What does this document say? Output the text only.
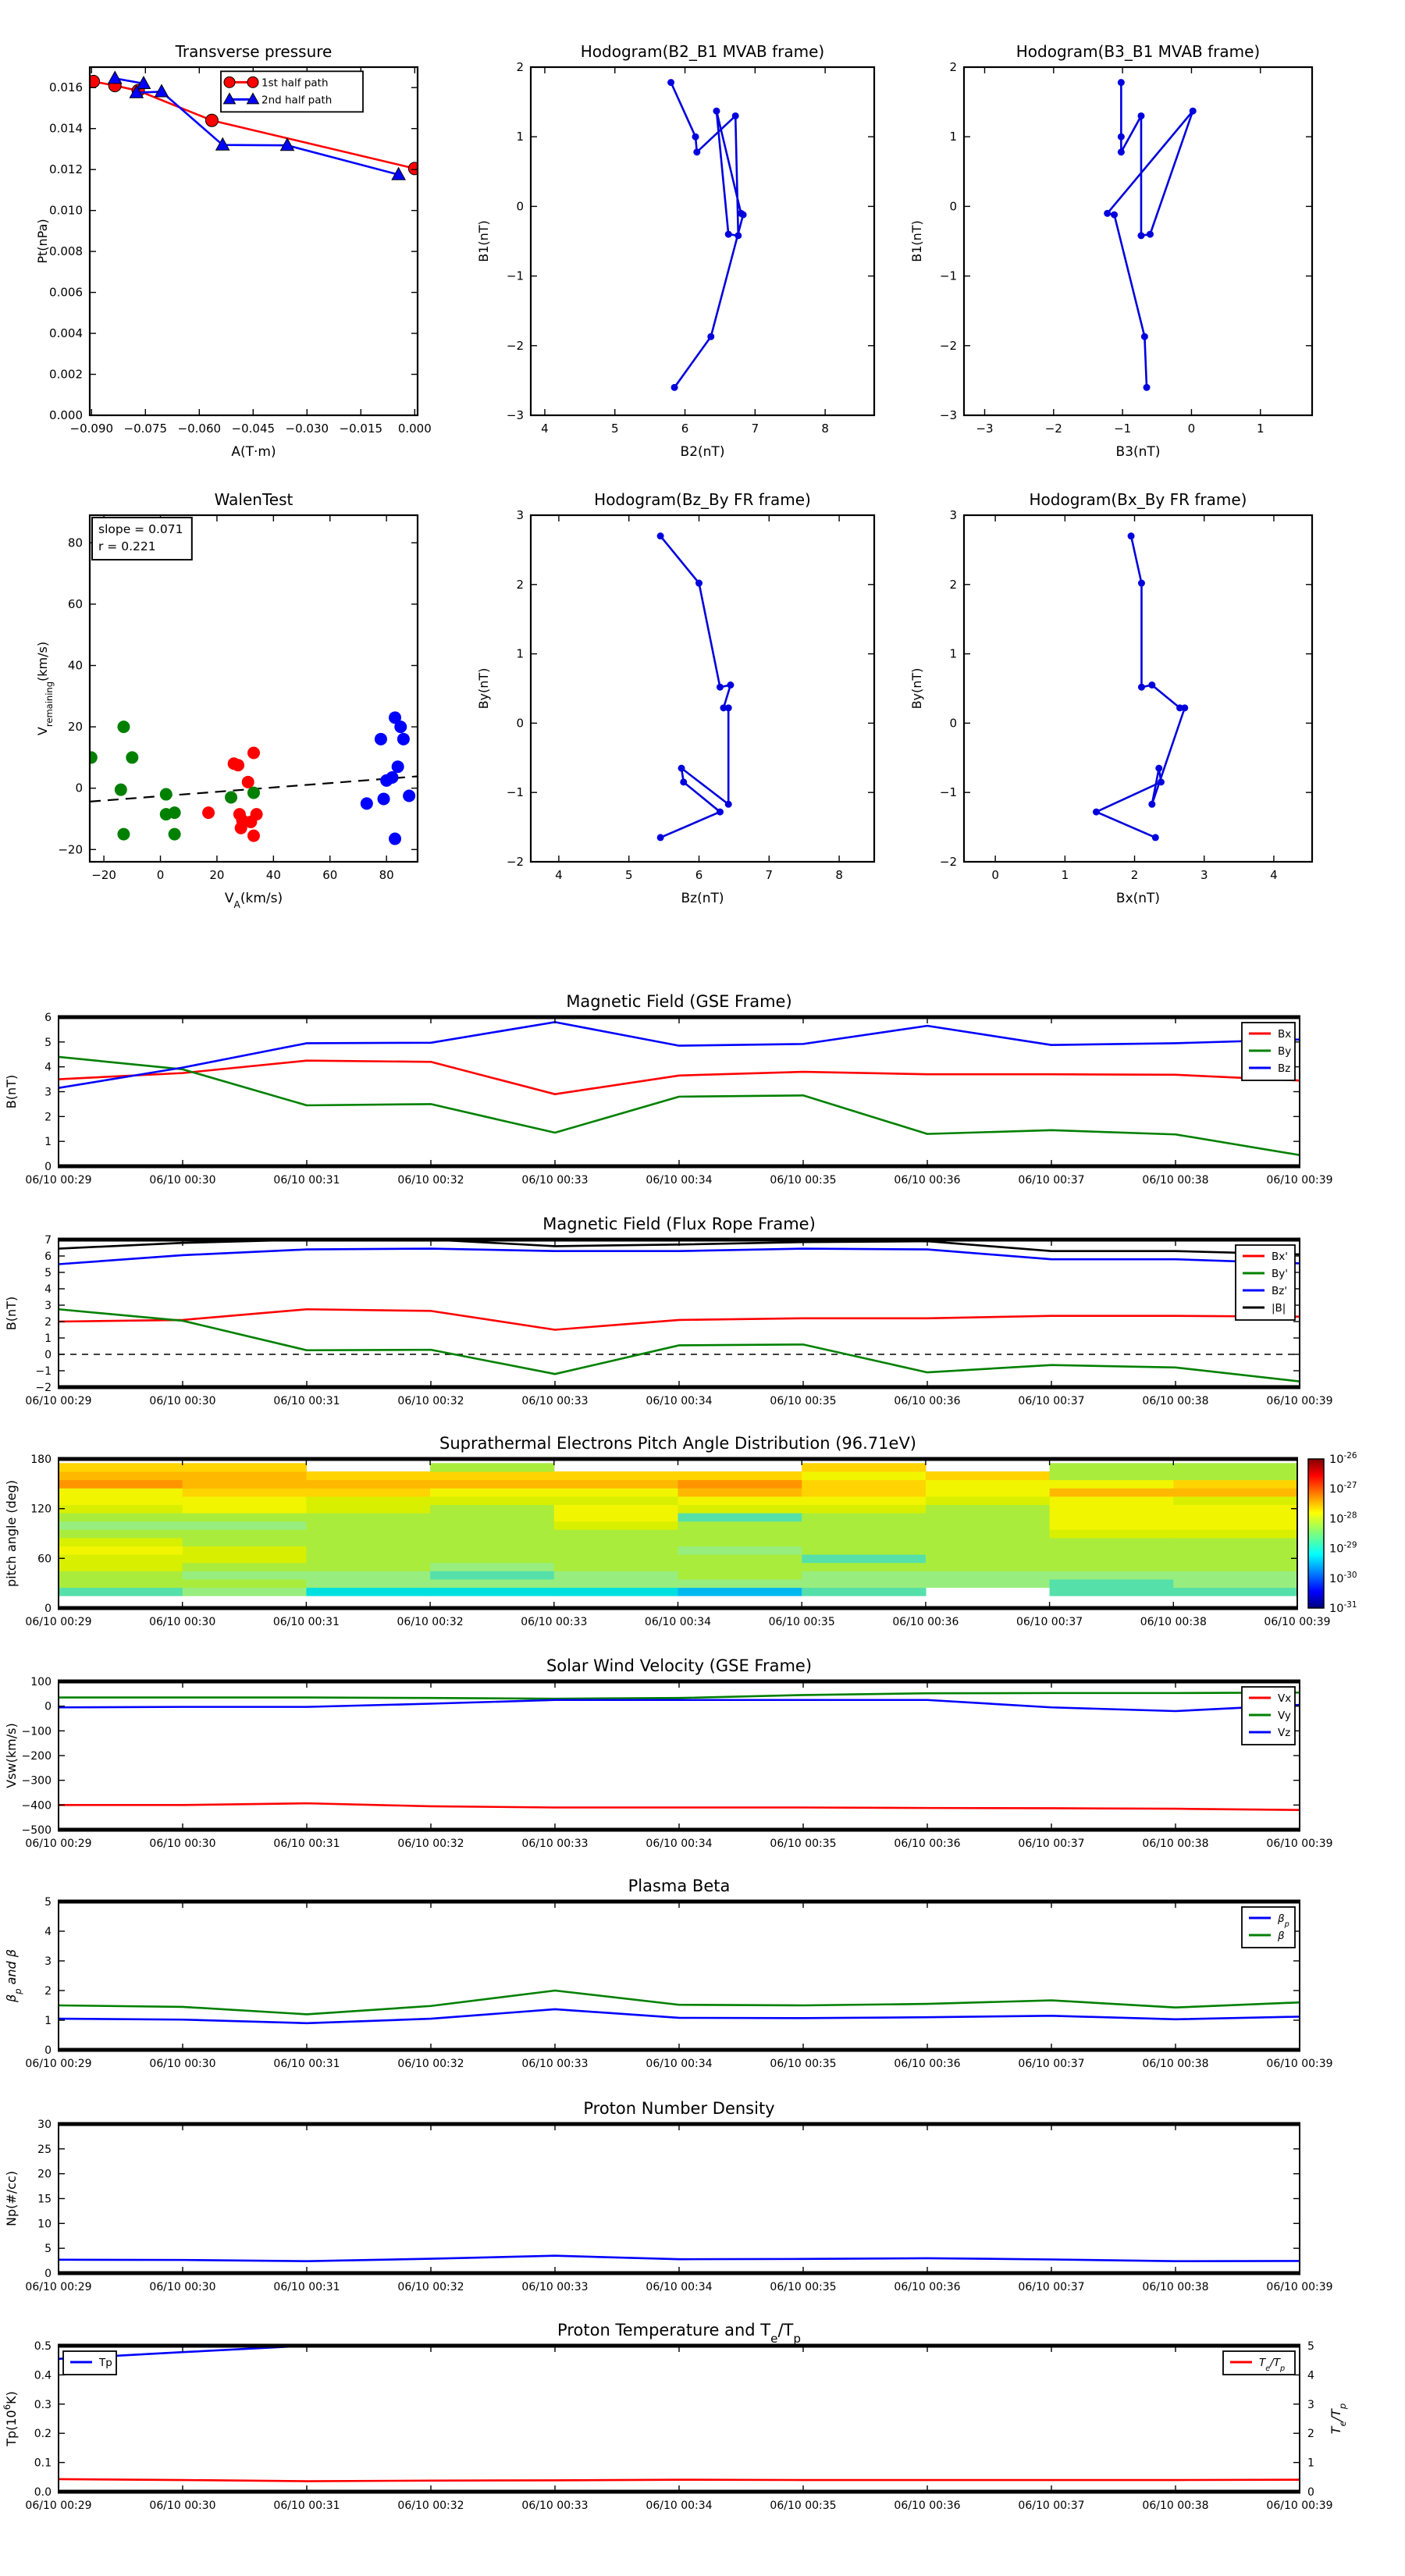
−0.090 −0.075 −0.060 −0.045 −0.030 −0.015 0.000
0.000
0.002
0.004
0.006
0.008
0.010
0.012
0.014
0.016
Transverse pressure
A(T·m)
Pt(nPa)
1st half path
2nd half path
4	5	6	7	8
−3
−2
−1
0
1
2
Hodogram(B2_B1 MVAB frame)
B2(nT)
B1(nT)
−3	−2	−1	0	1
−3
−2
−1
0
1
2
Hodogram(B3_B1 MVAB frame)
B3(nT)
B1(nT)
−20	0	20	40	60	80
−20
0
20
40
60
80
WalenTest
$V_A(km/s)$
$V_{remaining}(km/s)$
slope = 0.071
r = 0.221
4	5	6	7	8
−2
−1
0
1
2
3
Hodogram(Bz_By FR frame)
Bz(nT)
By(nT)
0	1	2	3	4
−2
−1
0
1
2
3
Hodogram(Bx_By FR frame)
Bx(nT)
By(nT)
06/10 00:29	06/10 00:30	06/10 00:31	06/10 00:32	06/10 00:33	06/10 00:34	06/10 00:35	06/10 00:36	06/10 00:37	06/10 00:38	06/10 00:39
0
1
2
3
4
5
6
Magnetic Field (GSE Frame)
B(nT)
Bx
By
Bz
06/10 00:29	06/10 00:30	06/10 00:31	06/10 00:32	06/10 00:33	06/10 00:34	06/10 00:35	06/10 00:36	06/10 00:37	06/10 00:38	06/10 00:39
−2
−1
0
1
2
3
4
5
6
7
Magnetic Field (Flux Rope Frame)
B(nT)
Bx'
By'
Bz'
|B|
06/10 00:29	06/10 00:30	06/10 00:31	06/10 00:32	06/10 00:33	06/10 00:34	06/10 00:35	06/10 00:36	06/10 00:37	06/10 00:38	06/10 00:39
0
60
120
180
Suprathermal Electrons Pitch Angle Distribution (96.71eV)
pitch angle (deg)
$10^{-26}$
$10^{-27}$
$10^{-28}$
$10^{-29}$
$10^{-30}$
$10^{-31}$
06/10 00:29	06/10 00:30	06/10 00:31	06/10 00:32	06/10 00:33	06/10 00:34	06/10 00:35	06/10 00:36	06/10 00:37	06/10 00:38	06/10 00:39
100
0
−100
−200
−300
−400
−500
Solar Wind Velocity (GSE Frame)
Vsw(km/s)
Vx
Vy
Vz
06/10 00:29	06/10 00:30	06/10 00:31	06/10 00:32	06/10 00:33	06/10 00:34	06/10 00:35	06/10 00:36	06/10 00:37	06/10 00:38	06/10 00:39
0
1
2
3
4
5
Plasma Beta
$\beta_p$ and β
$\beta_p$
β
06/10 00:29	06/10 00:30	06/10 00:31	06/10 00:32	06/10 00:33	06/10 00:34	06/10 00:35	06/10 00:36	06/10 00:37	06/10 00:38	06/10 00:39
0
5
10
15
20
25
30
Proton Number Density
Np(#/cc)
06/10 00:29	06/10 00:30	06/10 00:31	06/10 00:32	06/10 00:33	06/10 00:34	06/10 00:35	06/10 00:36	06/10 00:37	06/10 00:38	06/10 00:39
0.0
0.1
0.2
0.3
0.4
0.5
0
1
2
3
4
5
$T_e/T_p$
Proton Temperature and $T_e/T_p$
$Tp(10^6K)$
Tp	$T_e/T_p$
